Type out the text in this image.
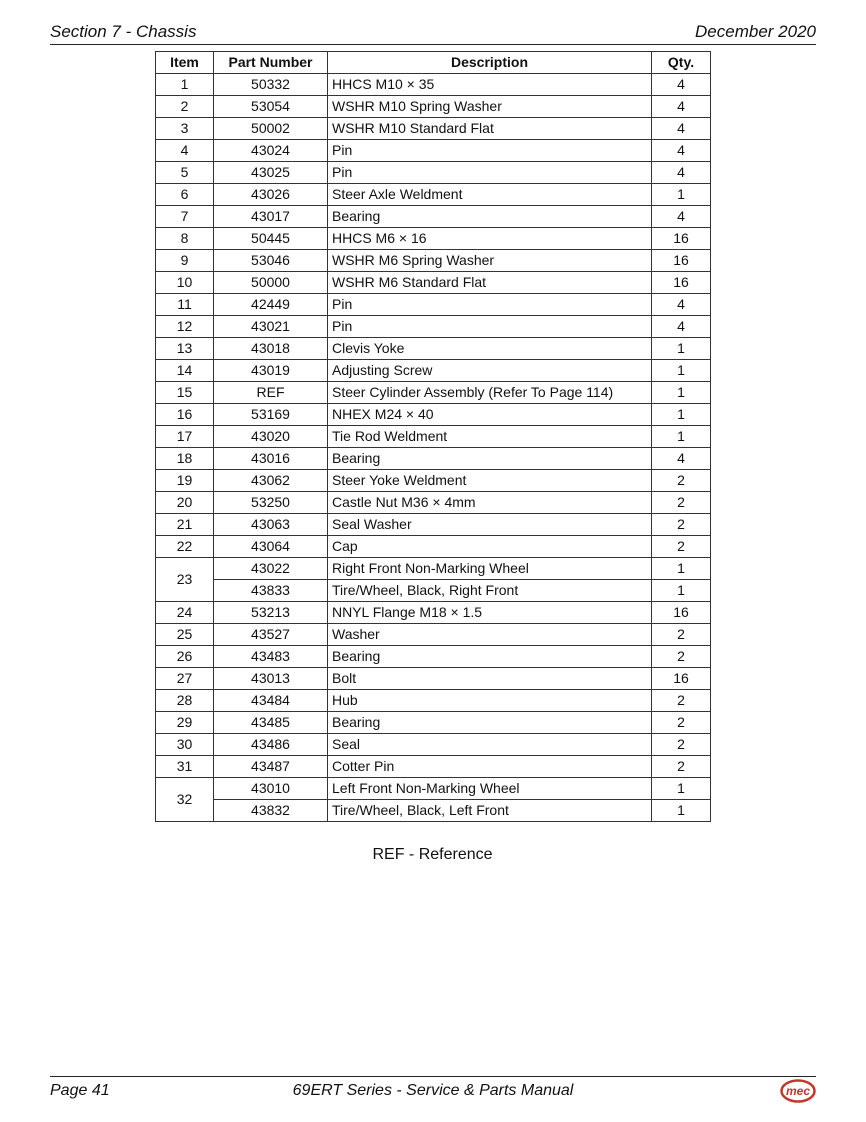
Section 7 - Chassis	December 2020
Item	Part Number	Description	Qty.
1	50332	HHCS M10 × 35	4
2	53054	WSHR M10 Spring Washer	4
3	50002	WSHR M10 Standard Flat	4
4	43024	Pin	4
5	43025	Pin	4
6	43026	Steer Axle Weldment	1
7	43017	Bearing	4
8	50445	HHCS M6 × 16	16
9	53046	WSHR M6 Spring Washer	16
10	50000	WSHR M6 Standard Flat	16
11	42449	Pin	4
12	43021	Pin	4
13	43018	Clevis Yoke	1
14	43019	Adjusting Screw	1
15	REF	Steer Cylinder Assembly (Refer To Page 114)	1
16	53169	NHEX M24 × 40	1
17	43020	Tie Rod Weldment	1
18	43016	Bearing	4
19	43062	Steer Yoke Weldment	2
20	53250	Castle Nut M36 × 4mm	2
21	43063	Seal Washer	2
22	43064	Cap	2
23	43022	Right Front Non-Marking Wheel	1
	43833	Tire/Wheel, Black, Right Front	1
24	53213	NNYL Flange M18 × 1.5	16
25	43527	Washer	2
26	43483	Bearing	2
27	43013	Bolt	16
28	43484	Hub	2
29	43485	Bearing	2
30	43486	Seal	2
31	43487	Cotter Pin	2
32	43010	Left Front Non-Marking Wheel	1
	43832	Tire/Wheel, Black, Left Front	1
REF - Reference
Page 41	69ERT Series - Service & Parts Manual	mec
